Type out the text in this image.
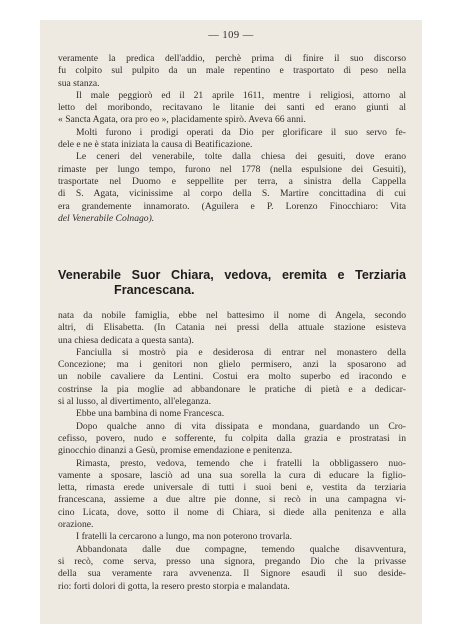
— 109 —
veramente la predica dell'addio, perchè prima di finire il suo discorso
fu colpito sul pulpito da un male repentino e trasportato di peso nella
sua stanza.
Il male peggiorò ed il 21 aprile 1611, mentre i religiosi, attorno al
letto del moribondo, recitavano le litanie dei santi ed erano giunti al
« Sancta Agata, ora pro eo », placidamente spirò. Aveva 66 anni.
Molti furono i prodigi operati da Dio per glorificare il suo servo fe-
dele e ne è stata iniziata la causa di Beatificazione.
Le ceneri del venerabile, tolte dalla chiesa dei gesuiti, dove erano
rimaste per lungo tempo, furono nel 1778 (nella espulsione dei Gesuiti),
trasportate nel Duomo e seppellite per terra, a sinistra della Cappella
di S. Agata, vicinissime al corpo della S. Martire concittadina di cui
era grandemente innamorato. (Aguilera e P. Lorenzo Finocchiaro: Vita
del Venerabile Colnago).
Venerabile Suor Chiara, vedova, eremita e Terziaria
Francescana.
nata da nobile famiglia, ebbe nel battesimo il nome di Angela, secondo
altri, di Elisabetta. (In Catania nei pressi della attuale stazione esisteva
una chiesa dedicata a questa santa).
Fanciulla si mostrò pia e desiderosa di entrar nel monastero della
Concezione; ma i genitori non glielo permisero, anzi la sposarono ad
un nobile cavaliere da Lentini. Costui era molto superbo ed iracondo e
costrinse la pia moglie ad abbandonare le pratiche di pietà e a dedicar-
si al lusso, al divertimento, all'eleganza.
Ebbe una bambina di nome Francesca.
Dopo qualche anno di vita dissipata e mondana, guardando un Cro-
cefisso, povero, nudo e sofferente, fu colpita dalla grazia e prostratasi in
ginocchio dinanzi a Gesù, promise emendazione e penitenza.
Rimasta, presto, vedova, temendo che i fratelli la obbligassero nuo-
vamente a sposare, lasciò ad una sua sorella la cura di educare la figlio-
letta, rimasta erede universale di tutti i suoi beni e, vestita da terziaria
francescana, assieme a due altre pie donne, si recò in una campagna vi-
cino Licata, dove, sotto il nome di Chiara, si diede alla penitenza e alla
orazione.
I fratelli la cercarono a lungo, ma non poterono trovarla.
Abbandonata dalle due compagne, temendo qualche disavventura,
si recò, come serva, presso una signora, pregando Dio che la privasse
della sua veramente rara avvenenza. Il Signore esaudì il suo deside-
rio: forti dolori di gotta, la resero presto storpia e malandata.
